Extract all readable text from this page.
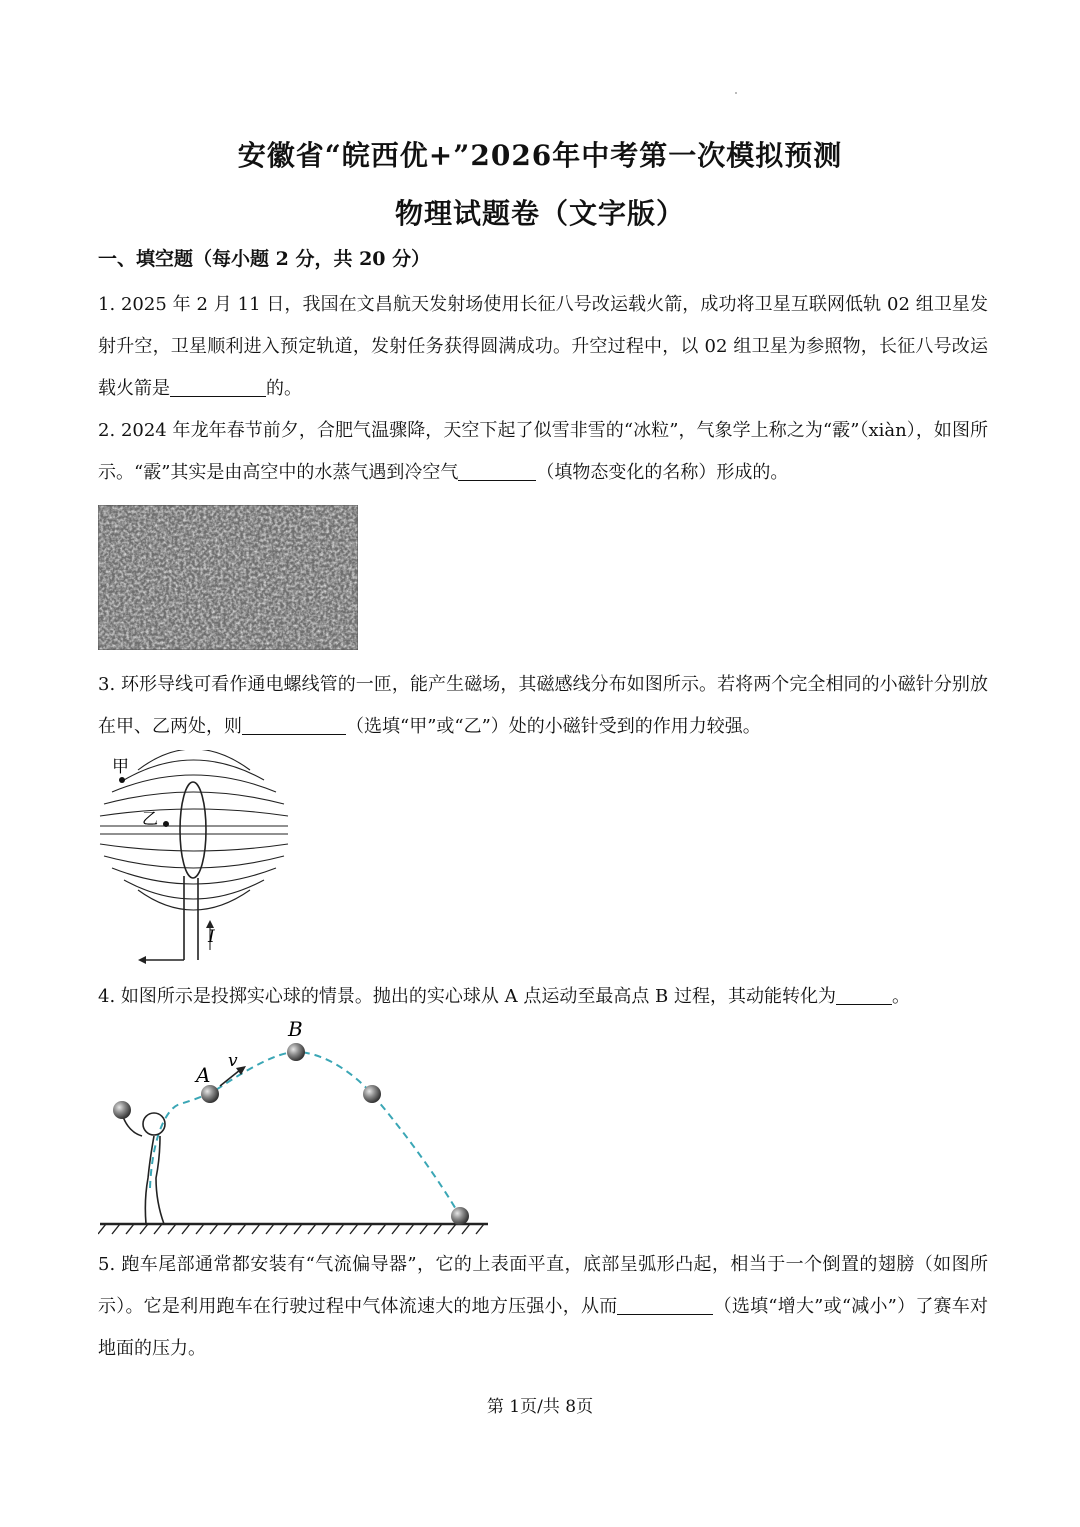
安徽省“皖西优+”2026年中考第一次模拟预测
物理试题卷（文字版）
一、填空题（每小题 2 分，共 20 分）
1. 2025 年 2 月 11 日，我国在文昌航天发射场使用长征八号改运载火箭，成功将卫星互联网低轨 02 组卫星发射升空，卫星顺利进入预定轨道，发射任务获得圆满成功。升空过程中，以 02 组卫星为参照物，长征八号改运载火箭是	的。
2. 2024 年龙年春节前夕，合肥气温骤降，天空下起了似雪非雪的“冰粒”，气象学上称之为“霰”（xiàn），如图所示。“霰”其实是由高空中的水蒸气遇到冷空气	（填物态变化的名称）形成的。
3. 环形导线可看作通电螺线管的一匝，能产生磁场，其磁感线分布如图所示。若将两个完全相同的小磁针分别放在甲、乙两处，则	（选填“甲”或“乙”）处的小磁针受到的作用力较强。
甲
乙
I
4. 如图所示是投掷实心球的情景。抛出的实心球从 A 点运动至最高点 B 过程，其动能转化为	。
A
B
v
5. 跑车尾部通常都安装有“气流偏导器”，它的上表面平直，底部呈弧形凸起，相当于一个倒置的翅膀（如图所示）。它是利用跑车在行驶过程中气体流速大的地方压强小，从而	（选填“增大”或“减小”）了赛车对地面的压力。
第 1页/共 8页
